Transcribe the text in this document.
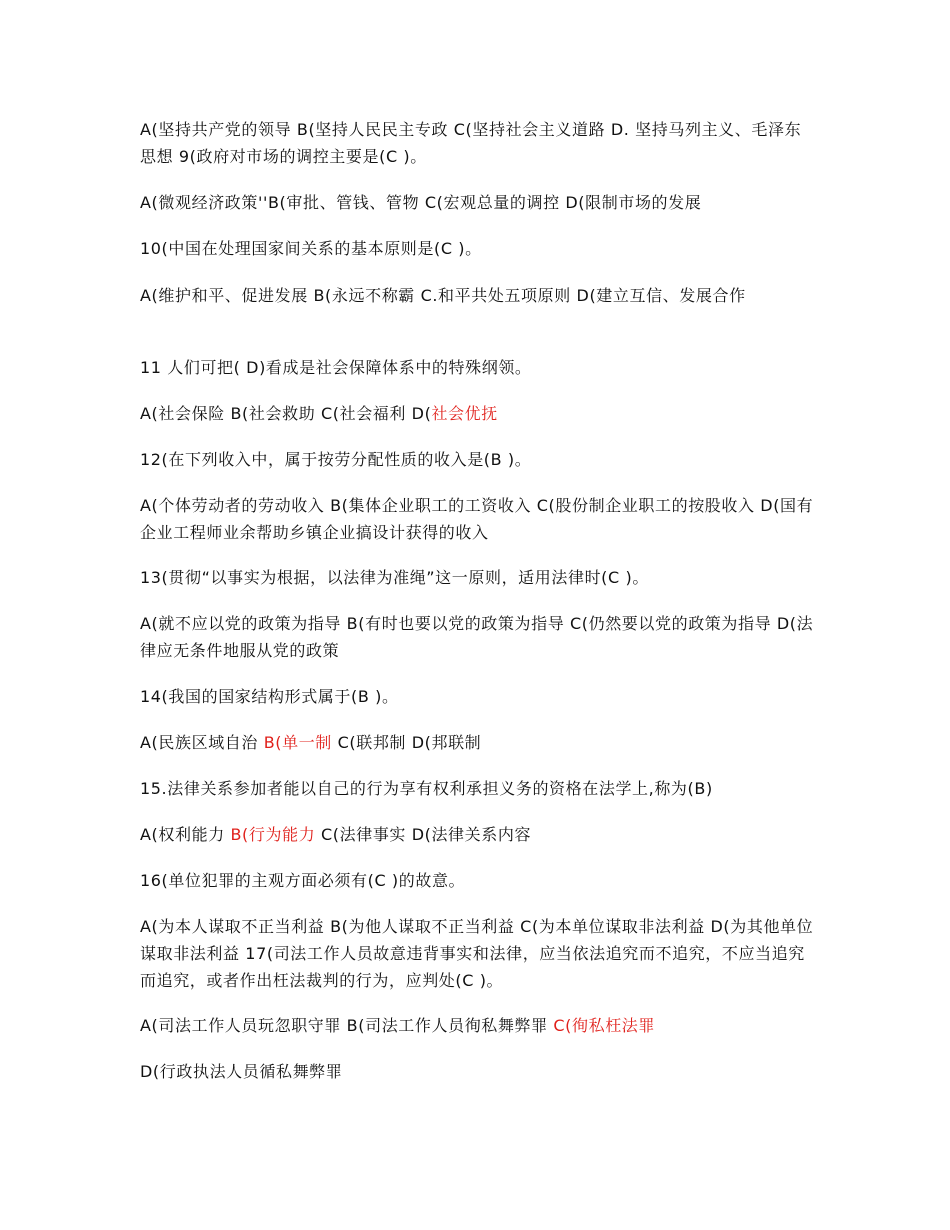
A(坚持共产党的领导 B(坚持人民民主专政 C(坚持社会主义道路 D. 坚持马列主义、毛泽东思想 9(政府对市场的调控主要是(C )。

A(微观经济政策''B(审批、管钱、管物 C(宏观总量的调控 D(限制市场的发展

10(中国在处理国家间关系的基本原则是(C )。

A(维护和平、促进发展 B(永远不称霸 C.和平共处五项原则 D(建立互信、发展合作

11 人们可把( D)看成是社会保障体系中的特殊纲领。

A(社会保险 B(社会救助 C(社会福利 D(社会优抚

12(在下列收入中，属于按劳分配性质的收入是(B )。

A(个体劳动者的劳动收入 B(集体企业职工的工资收入 C(股份制企业职工的按股收入 D(国有企业工程师业余帮助乡镇企业搞设计获得的收入

13(贯彻“以事实为根据，以法律为准绳”这一原则，适用法律时(C )。

A(就不应以党的政策为指导 B(有时也要以党的政策为指导 C(仍然要以党的政策为指导 D(法律应无条件地服从党的政策

14(我国的国家结构形式属于(B )。

A(民族区域自治 B(单一制 C(联邦制 D(邦联制

15.法律关系参加者能以自己的行为享有权利承担义务的资格在法学上,称为(B)

A(权利能力 B(行为能力 C(法律事实 D(法律关系内容

16(单位犯罪的主观方面必须有(C )的故意。

A(为本人谋取不正当利益 B(为他人谋取不正当利益 C(为本单位谋取非法利益 D(为其他单位谋取非法利益 17(司法工作人员故意违背事实和法律，应当依法追究而不追究，不应当追究而追究，或者作出枉法裁判的行为，应判处(C )。

A(司法工作人员玩忽职守罪 B(司法工作人员徇私舞弊罪 C(徇私枉法罪

D(行政执法人员循私舞弊罪
